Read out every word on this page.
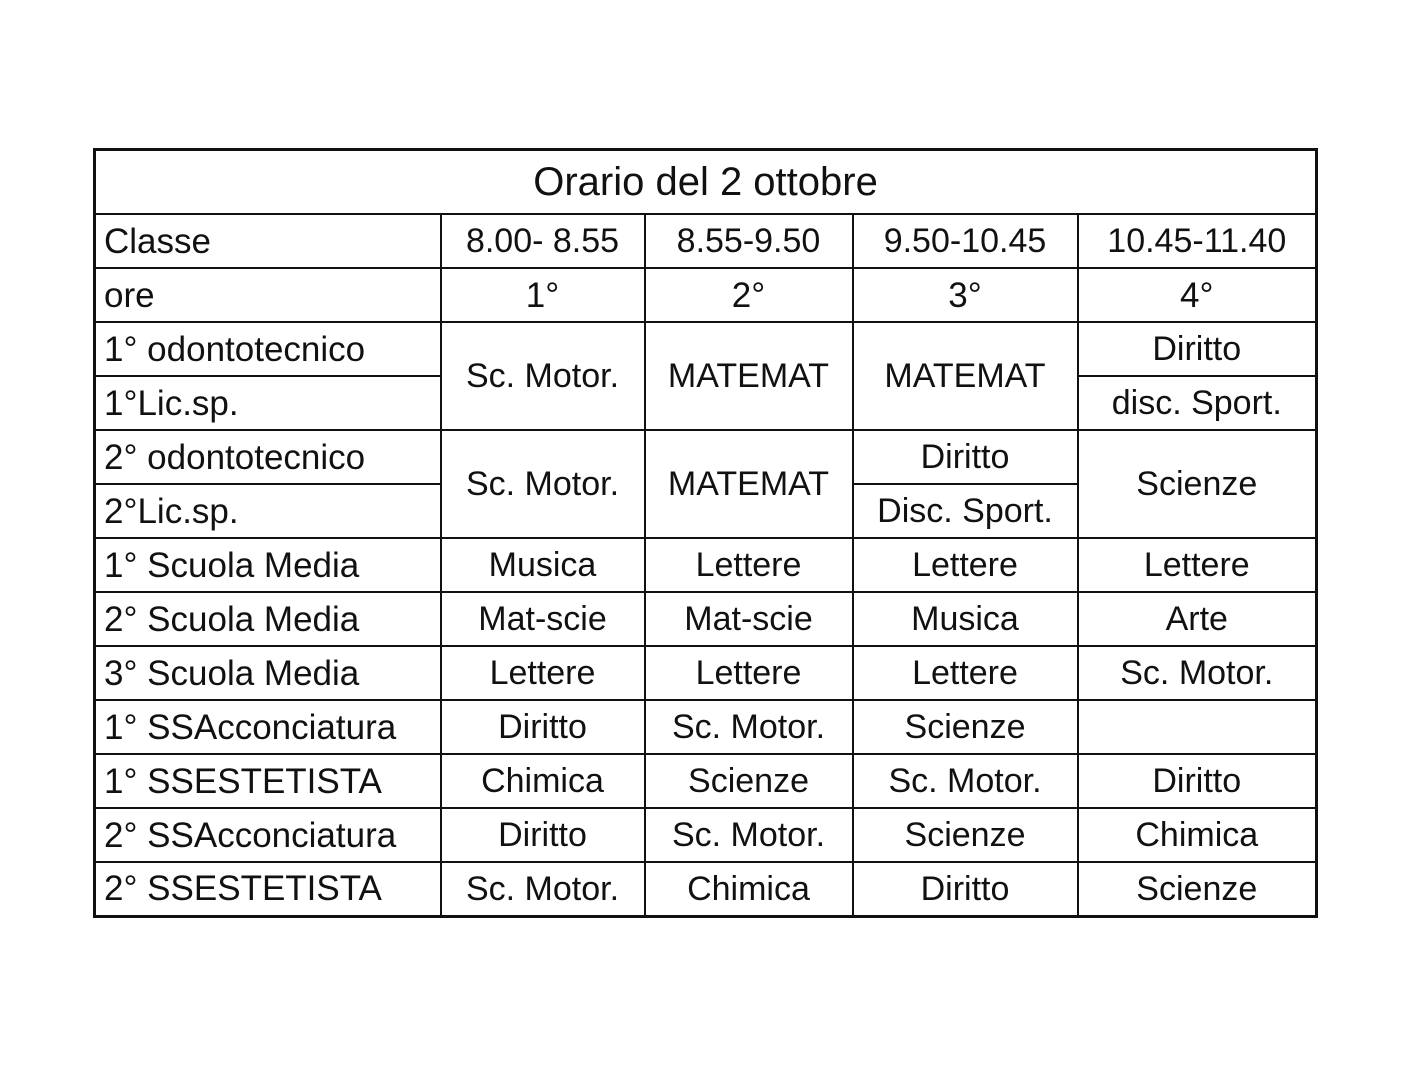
Orario del 2 ottobre				
Classe	8.00- 8.55	8.55-9.50	9.50-10.45	10.45-11.40
ore	1°	2°	3°	4°
1° odontotecnico	Sc. Motor.	MATEMAT	MATEMAT	Diritto
1°Lic.sp.				disc. Sport.
2° odontotecnico	Sc. Motor.	MATEMAT	Diritto	Scienze
2°Lic.sp.			Disc. Sport.	
1° Scuola Media	Musica	Lettere	Lettere	Lettere
2° Scuola Media	Mat-scie	Mat-scie	Musica	Arte
3° Scuola Media	Lettere	Lettere	Lettere	Sc. Motor.
1° SSAcconciatura	Diritto	Sc. Motor.	Scienze	
1° SSESTETISTA	Chimica	Scienze	Sc. Motor.	Diritto
2° SSAcconciatura	Diritto	Sc. Motor.	Scienze	Chimica
2° SSESTETISTA	Sc. Motor.	Chimica	Diritto	Scienze
